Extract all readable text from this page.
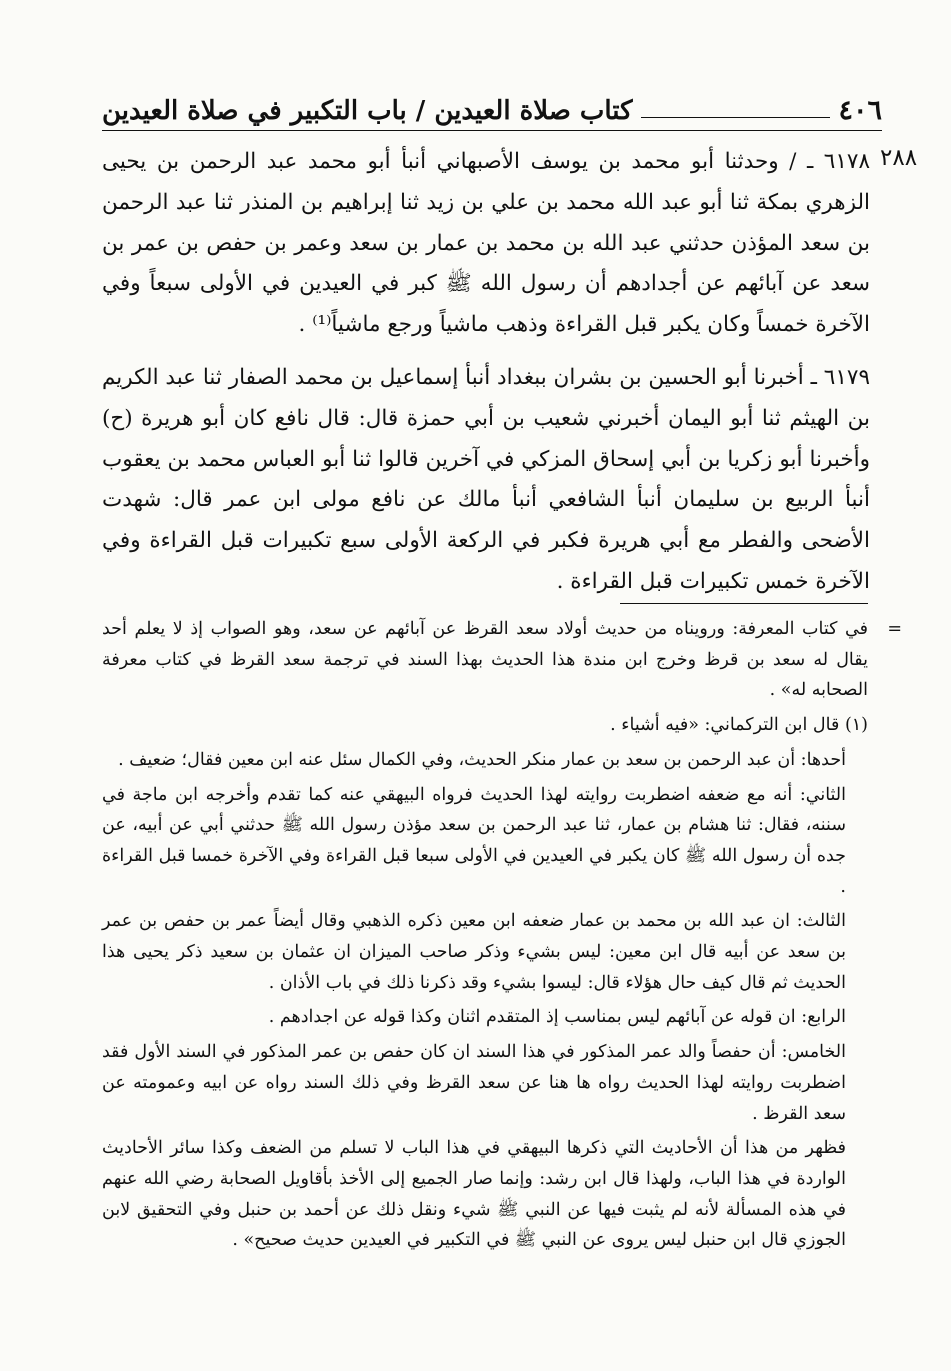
٤٠٦
كتاب صلاة العيدين / باب التكبير في صلاة العيدين
٢٨٨

٦١٧٨ ـ / وحدثنا أبو محمد بن يوسف الأصبهاني أنبأ أبو محمد عبد الرحمن بن يحيى الزهري بمكة ثنا أبو عبد الله محمد بن علي بن زيد ثنا إبراهيم بن المنذر ثنا عبد الرحمن بن سعد المؤذن حدثني عبد الله بن محمد بن عمار بن سعد وعمر بن حفص بن عمر بن سعد عن آبائهم عن أجدادهم أن رسول الله ﷺ كبر في العيدين في الأولى سبعاً وفي الآخرة خمساً وكان يكبر قبل القراءة وذهب ماشياً ورجع ماشياً⁽¹⁾ .

٦١٧٩ ـ أخبرنا أبو الحسين بن بشران ببغداد أنبأ إسماعيل بن محمد الصفار ثنا عبد الكريم بن الهيثم ثنا أبو اليمان أخبرني شعيب بن أبي حمزة قال: قال نافع كان أبو هريرة (ح) وأخبرنا أبو زكريا بن أبي إسحاق المزكي في آخرين قالوا ثنا أبو العباس محمد بن يعقوب أنبأ الربيع بن سليمان أنبأ الشافعي أنبأ مالك عن نافع مولى ابن عمر قال: شهدت الأضحى والفطر مع أبي هريرة فكبر في الركعة الأولى سبع تكبيرات قبل القراءة وفي الآخرة خمس تكبيرات قبل القراءة .

=في كتاب المعرفة: ورويناه من حديث أولاد سعد القرظ عن آبائهم عن سعد، وهو الصواب إذ لا يعلم أحد يقال له سعد بن قرظ وخرج ابن مندة هذا الحديث بهذا السند في ترجمة سعد القرظ في كتاب معرفة الصحابه له» .

(١) قال ابن التركماني: «فيه أشياء .

أحدها: أن عبد الرحمن بن سعد بن عمار منكر الحديث، وفي الكمال سئل عنه ابن معين فقال؛ ضعيف .

الثاني: أنه مع ضعفه اضطربت روايته لهذا الحديث فرواه البيهقي عنه كما تقدم وأخرجه ابن ماجة في سننه، فقال: ثنا هشام بن عمار، ثنا عبد الرحمن بن سعد مؤذن رسول الله ﷺ حدثني أبي عن أبيه، عن جده أن رسول الله ﷺ كان يكبر في العيدين في الأولى سبعا قبل القراءة وفي الآخرة خمسا قبل القراءة .

الثالث: ان عبد الله بن محمد بن عمار ضعفه ابن معين ذكره الذهبي وقال أيضاً عمر بن حفص بن عمر بن سعد عن أبيه قال ابن معين: ليس بشيء وذكر صاحب الميزان ان عثمان بن سعيد ذكر يحيى هذا الحديث ثم قال كيف حال هؤلاء قال: ليسوا بشيء وقد ذكرنا ذلك في باب الأذان .

الرابع: ان قوله عن آبائهم ليس بمناسب إذ المتقدم اثنان وكذا قوله عن اجدادهم .

الخامس: أن حفصاً والد عمر المذكور في هذا السند ان كان حفص بن عمر المذكور في السند الأول فقد اضطربت روايته لهذا الحديث رواه ها هنا عن سعد القرظ وفي ذلك السند رواه عن ابيه وعمومته عن سعد القرظ .

فظهر من هذا أن الأحاديث التي ذكرها البيهقي في هذا الباب لا تسلم من الضعف وكذا سائر الأحاديث الواردة في هذا الباب، ولهذا قال ابن رشد: وإنما صار الجميع إلى الأخذ بأقاويل الصحابة رضي الله عنهم في هذه المسألة لأنه لم يثبت فيها عن النبي ﷺ شيء ونقل ذلك عن أحمد بن حنبل وفي التحقيق لابن الجوزي قال ابن حنبل ليس يروى عن النبي ﷺ في التكبير في العيدين حديث صحيح» .
